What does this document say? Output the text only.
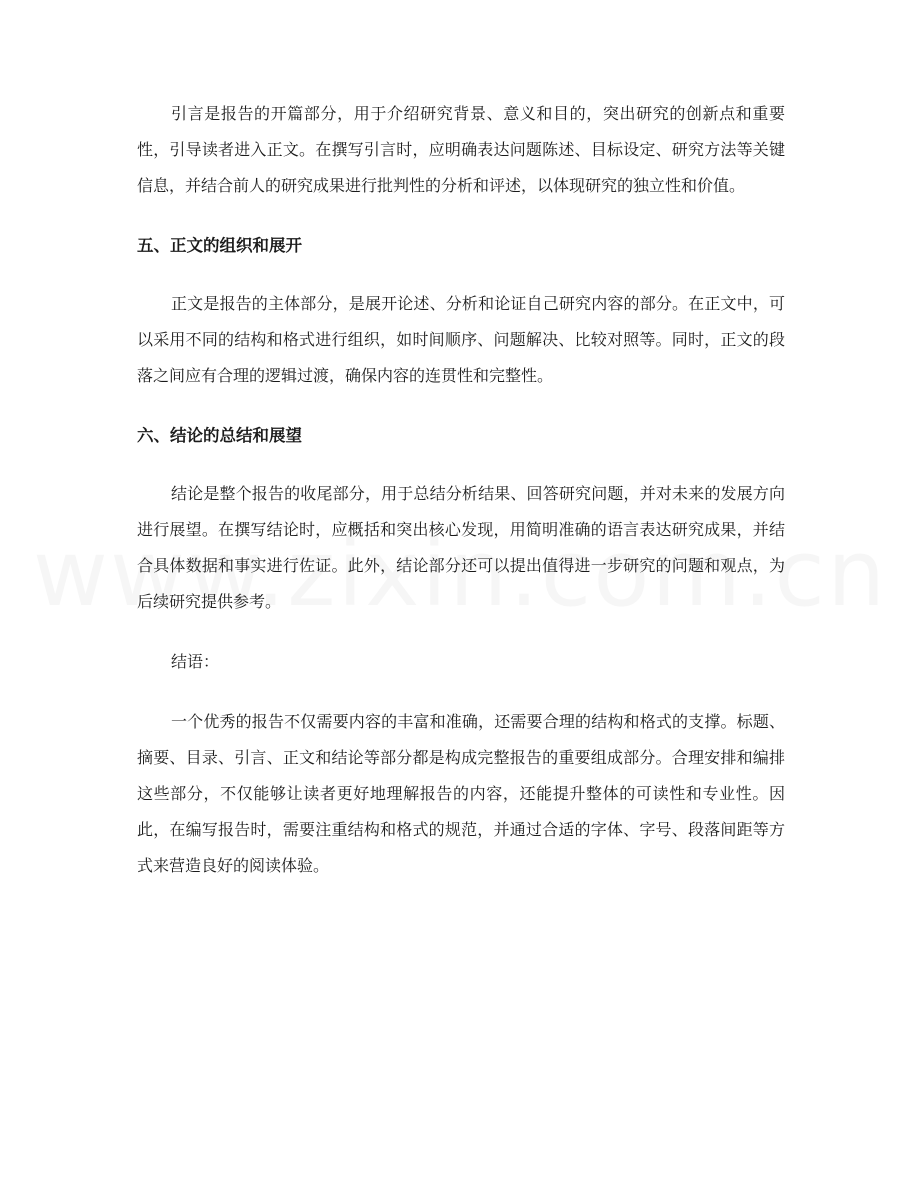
引言是报告的开篇部分，用于介绍研究背景、意义和目的，突出研究的创新点和重要性，引导读者进入正文。在撰写引言时，应明确表达问题陈述、目标设定、研究方法等关键信息，并结合前人的研究成果进行批判性的分析和评述，以体现研究的独立性和价值。

五、正文的组织和展开

正文是报告的主体部分，是展开论述、分析和论证自己研究内容的部分。在正文中，可以采用不同的结构和格式进行组织，如时间顺序、问题解决、比较对照等。同时，正文的段落之间应有合理的逻辑过渡，确保内容的连贯性和完整性。

六、结论的总结和展望

结论是整个报告的收尾部分，用于总结分析结果、回答研究问题，并对未来的发展方向进行展望。在撰写结论时，应概括和突出核心发现，用简明准确的语言表达研究成果，并结合具体数据和事实进行佐证。此外，结论部分还可以提出值得进一步研究的问题和观点，为后续研究提供参考。

结语：

一个优秀的报告不仅需要内容的丰富和准确，还需要合理的结构和格式的支撑。标题、摘要、目录、引言、正文和结论等部分都是构成完整报告的重要组成部分。合理安排和编排这些部分，不仅能够让读者更好地理解报告的内容，还能提升整体的可读性和专业性。因此，在编写报告时，需要注重结构和格式的规范，并通过合适的字体、字号、段落间距等方式来营造良好的阅读体验。
